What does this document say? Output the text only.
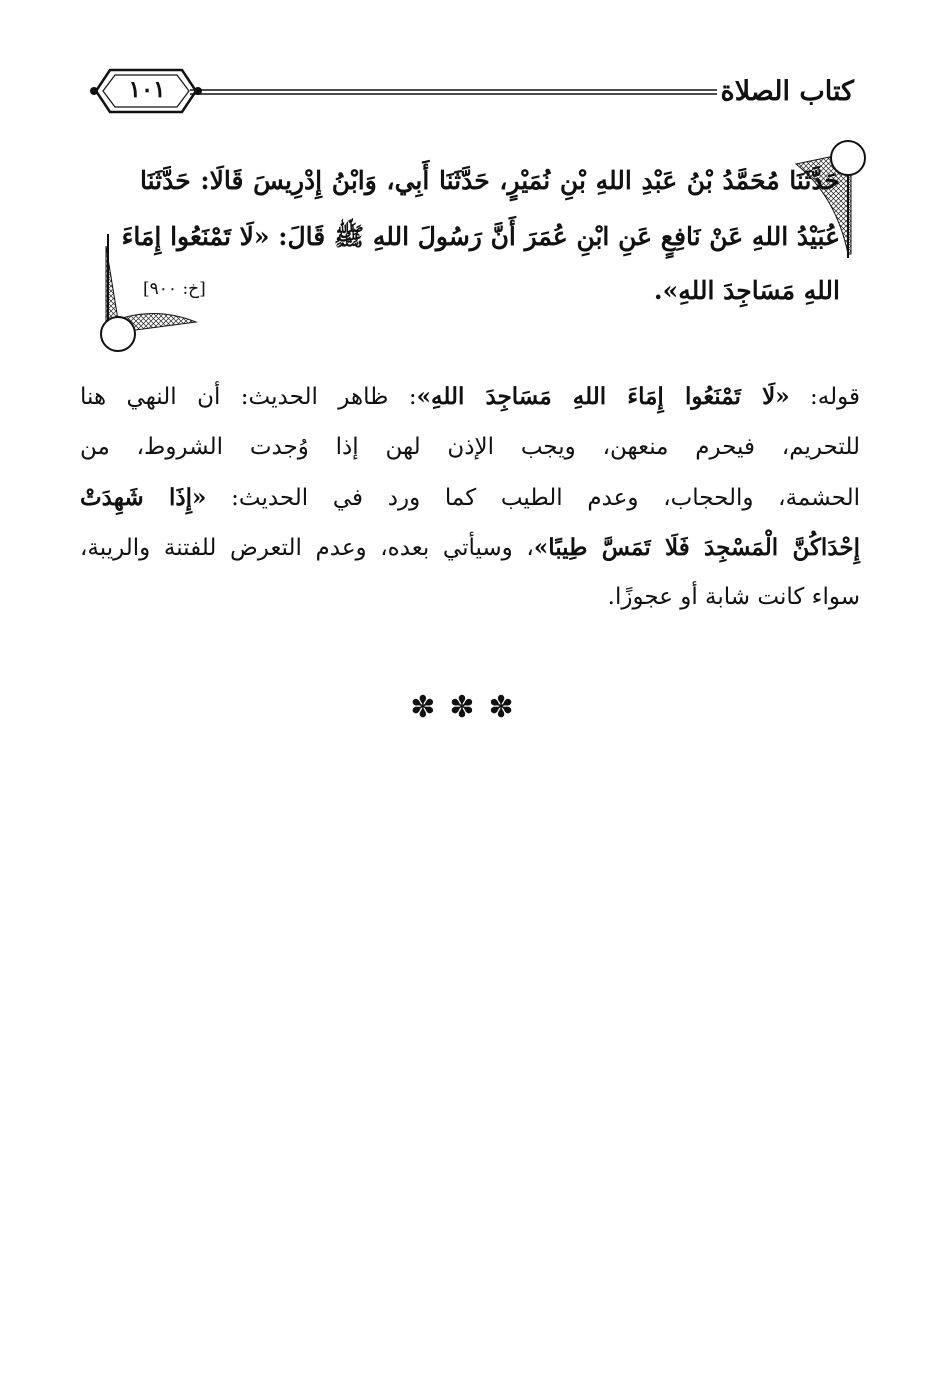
كتاب الصلاة
١٠١
حَدَّثَنَا مُحَمَّدُ بْنُ عَبْدِ اللهِ بْنِ نُمَيْرٍ، حَدَّثَنَا أَبِي، وَابْنُ إِدْرِيسَ قَالَا: حَدَّثَنَا
عُبَيْدُ اللهِ عَنْ نَافِعٍ عَنِ ابْنِ عُمَرَ أَنَّ رَسُولَ اللهِ ﷺ قَالَ: «لَا تَمْنَعُوا إِمَاءَ
اللهِ مَسَاجِدَ اللهِ».
[خ: ٩٠٠]
قوله: «لَا تَمْنَعُوا إِمَاءَ اللهِ مَسَاجِدَ اللهِ»: ظاهر الحديث: أن النهي هنا
للتحريم، فيحرم منعهن، ويجب الإذن لهن إذا وُجدت الشروط، من
الحشمة، والحجاب، وعدم الطيب كما ورد في الحديث: «إِذَا شَهِدَتْ
إِحْدَاكُنَّ الْمَسْجِدَ فَلَا تَمَسَّ طِيبًا»، وسيأتي بعده، وعدم التعرض للفتنة والريبة،
سواء كانت شابة أو عجوزًا.
✽✽✽
